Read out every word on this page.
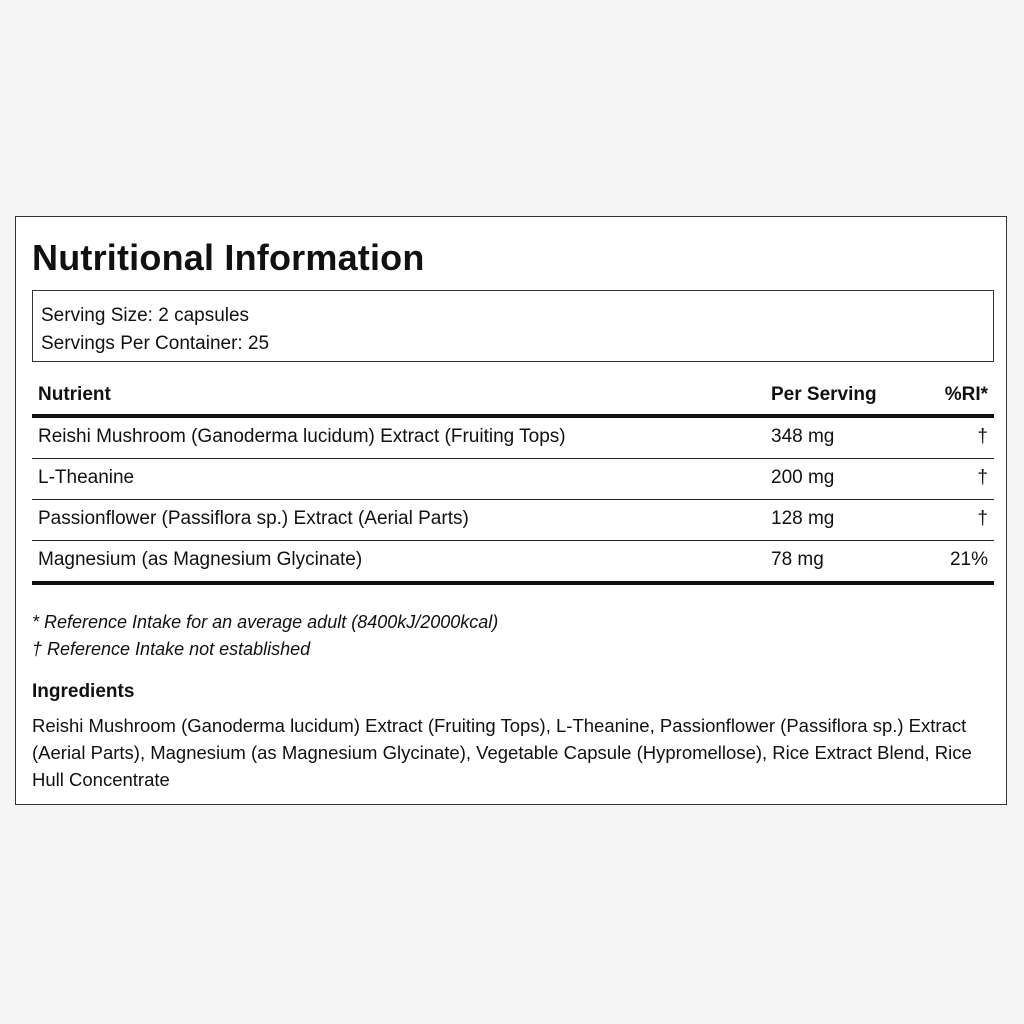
Nutritional Information
Serving Size: 2 capsules
Servings Per Container: 25
Nutrient	Per Serving	%RI*
Reishi Mushroom (Ganoderma lucidum) Extract (Fruiting Tops)	348 mg	†
L-Theanine	200 mg	†
Passionflower (Passiflora sp.) Extract (Aerial Parts)	128 mg	†
Magnesium (as Magnesium Glycinate)	78 mg	21%
* Reference Intake for an average adult (8400kJ/2000kcal)
† Reference Intake not established
Ingredients
Reishi Mushroom (Ganoderma lucidum) Extract (Fruiting Tops), L-Theanine, Passionflower (Passiflora sp.) Extract (Aerial Parts), Magnesium (as Magnesium Glycinate), Vegetable Capsule (Hypromellose), Rice Extract Blend, Rice Hull Concentrate
